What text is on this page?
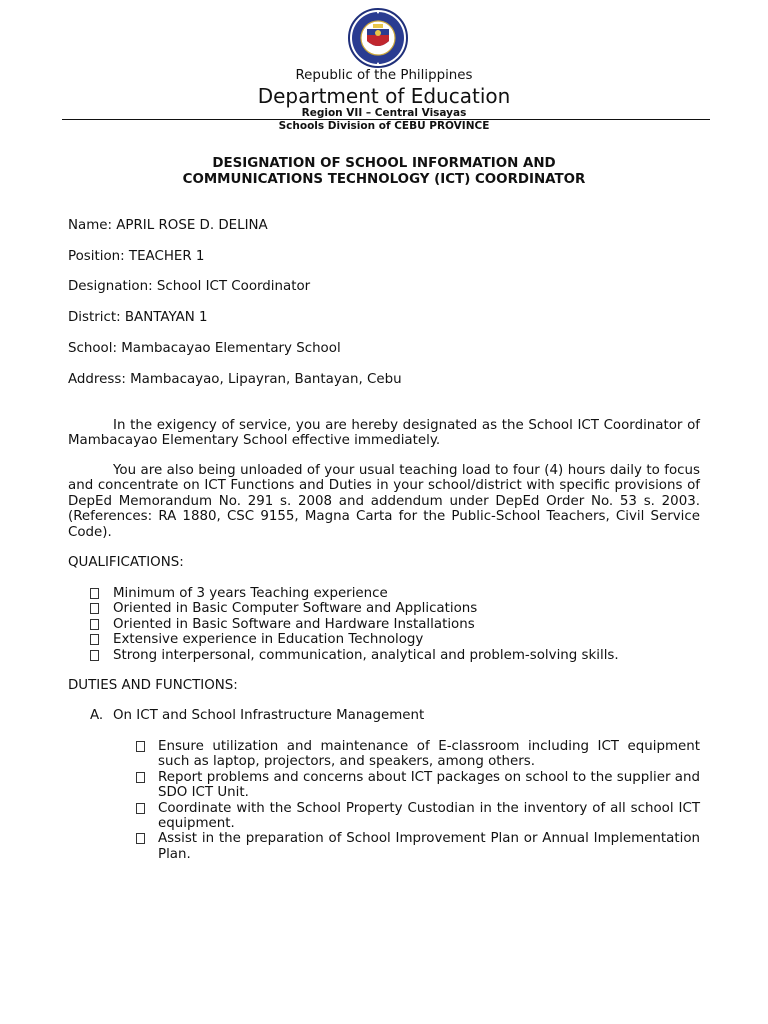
Republic of the Philippines
Department of Education
Region VII – Central Visayas
Schools Division of CEBU PROVINCE
DESIGNATION OF SCHOOL INFORMATION AND
COMMUNICATIONS TECHNOLOGY (ICT) COORDINATOR
Name: APRIL ROSE D. DELINA
Position: TEACHER 1
Designation: School ICT Coordinator
District: BANTAYAN 1
School: Mambacayao Elementary School
Address: Mambacayao, Lipayran, Bantayan, Cebu
In the exigency of service, you are hereby designated as the School ICT Coordinator of Mambacayao Elementary School effective immediately.
You are also being unloaded of your usual teaching load to four (4) hours daily to focus and concentrate on ICT Functions and Duties in your school/district with specific provisions of DepEd Memorandum No. 291 s. 2008 and addendum under DepEd Order No. 53 s. 2003. (References: RA 1880, CSC 9155, Magna Carta for the Public-School Teachers, Civil Service Code).
QUALIFICATIONS:
Minimum of 3 years Teaching experience
Oriented in Basic Computer Software and Applications
Oriented in Basic Software and Hardware Installations
Extensive experience in Education Technology
Strong interpersonal, communication, analytical and problem-solving skills.
DUTIES AND FUNCTIONS:
A. On ICT and School Infrastructure Management
Ensure utilization and maintenance of E-classroom including ICT equipment such as laptop, projectors, and speakers, among others.
Report problems and concerns about ICT packages on school to the supplier and SDO ICT Unit.
Coordinate with the School Property Custodian in the inventory of all school ICT equipment.
Assist in the preparation of School Improvement Plan or Annual Implementation Plan.
